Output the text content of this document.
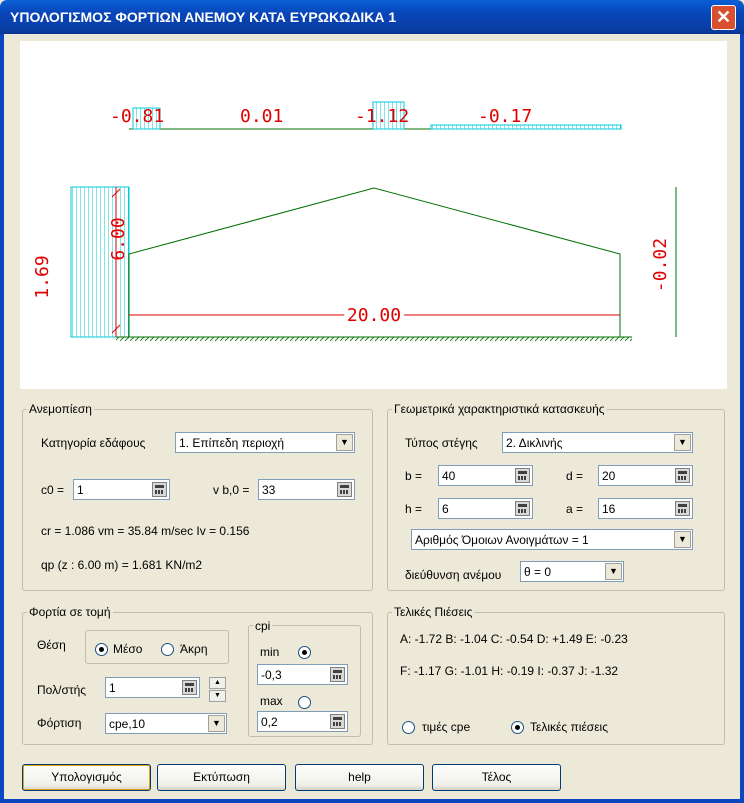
ΥΠΟΛΟΓΙΣΜΟΣ ΦΟΡΤΙΩΝ ΑΝΕΜΟΥ ΚΑΤΑ ΕΥΡΩΚΩΔΙΚΑ 1	✕
-0.81	0.01	-1.12	-0.17
6.00
20.00
1.69	-0.02
Ανεμοπίεση
Κατηγορία εδάφους	1. Επίπεδη περιοχή	▼
c0 = 1	v b,0 = 33
cr = 1.086 vm = 35.84 m/sec Iv = 0.156
qp (z : 6.00 m) = 1.681 KN/m2
Γεωμετρικά χαρακτηριστικά κατασκευής
Τύπος στέγης 2. Δικλινής	▼
b = 40	d = 20
h = 6	a = 16
Αριθμός Όμοιων Ανοιγμάτων = 1	▼
διεύθυνση ανέμου θ = 0	▼
Φορτία σε τομή
Θέση	Μέσο	Άκρη
Πολ/στής 1	▲
▼
Φόρτιση cpe,10	▼
cpi
min
-0,3
max
0,2
Τελικές Πιέσεις
A: -1.72 B: -1.04 C: -0.54 D: +1.49 E: -0.23
F: -1.17 G: -1.01 H: -0.19 I: -0.37 J: -1.32
τιμές cpe	Τελικές πιέσεις
Υπολογισμός	Εκτύπωση	help	Τέλος
